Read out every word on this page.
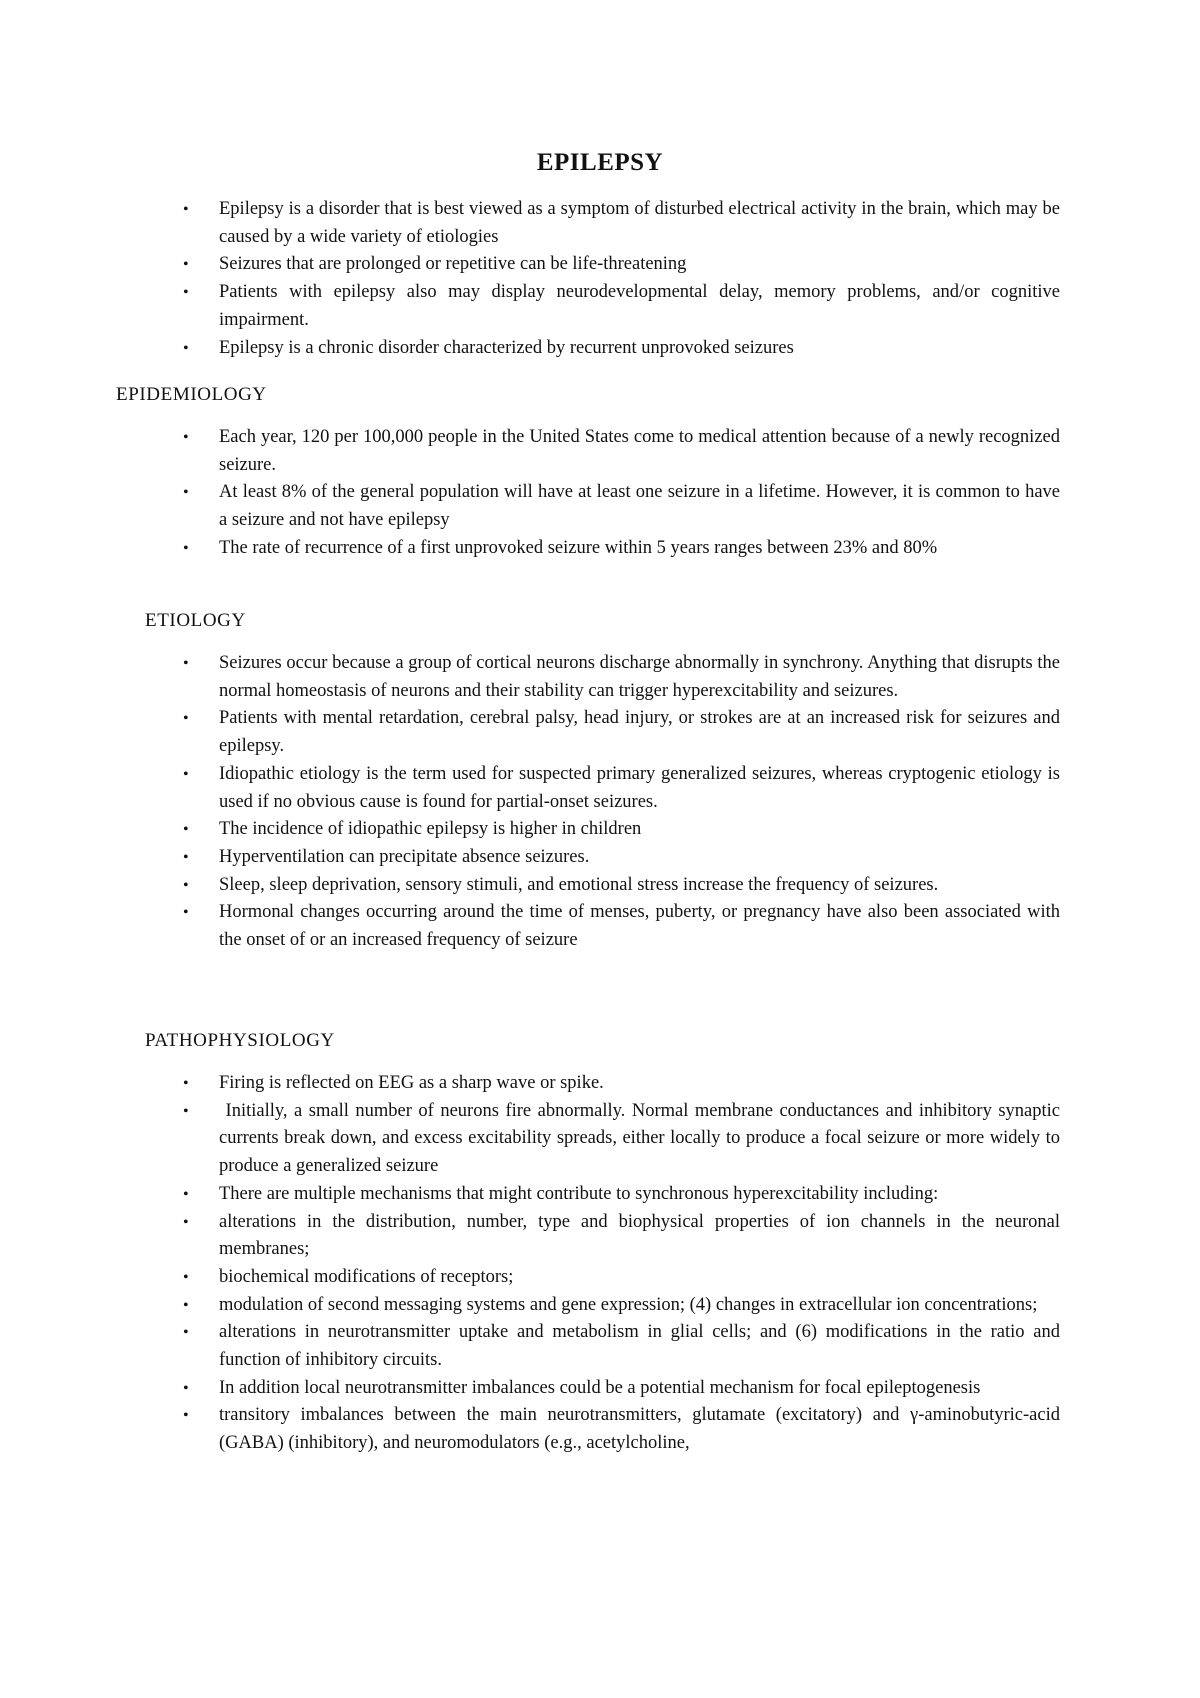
EPILEPSY
• Epilepsy is a disorder that is best viewed as a symptom of disturbed electrical activity in the brain, which may be caused by a wide variety of etiologies
• Seizures that are prolonged or repetitive can be life-threatening
• Patients with epilepsy also may display neurodevelopmental delay, memory problems, and/or cognitive impairment.
• Epilepsy is a chronic disorder characterized by recurrent unprovoked seizures
EPIDEMIOLOGY
• Each year, 120 per 100,000 people in the United States come to medical attention because of a newly recognized seizure.
• At least 8% of the general population will have at least one seizure in a lifetime. However, it is common to have a seizure and not have epilepsy
• The rate of recurrence of a first unprovoked seizure within 5 years ranges between 23% and 80%
ETIOLOGY
• Seizures occur because a group of cortical neurons discharge abnormally in synchrony. Anything that disrupts the normal homeostasis of neurons and their stability can trigger hyperexcitability and seizures.
• Patients with mental retardation, cerebral palsy, head injury, or strokes are at an increased risk for seizures and epilepsy.
• Idiopathic etiology is the term used for suspected primary generalized seizures, whereas cryptogenic etiology is used if no obvious cause is found for partial-onset seizures.
• The incidence of idiopathic epilepsy is higher in children
• Hyperventilation can precipitate absence seizures.
• Sleep, sleep deprivation, sensory stimuli, and emotional stress increase the frequency of seizures.
• Hormonal changes occurring around the time of menses, puberty, or pregnancy have also been associated with the onset of or an increased frequency of seizure
PATHOPHYSIOLOGY
• Firing is reflected on EEG as a sharp wave or spike.
• Initially, a small number of neurons fire abnormally. Normal membrane conductances and inhibitory synaptic currents break down, and excess excitability spreads, either locally to produce a focal seizure or more widely to produce a generalized seizure
• There are multiple mechanisms that might contribute to synchronous hyperexcitability including:
• alterations in the distribution, number, type and biophysical properties of ion channels in the neuronal membranes;
• biochemical modifications of receptors;
• modulation of second messaging systems and gene expression; (4) changes in extracellular ion concentrations;
• alterations in neurotransmitter uptake and metabolism in glial cells; and (6) modifications in the ratio and function of inhibitory circuits.
• In addition local neurotransmitter imbalances could be a potential mechanism for focal epileptogenesis
• transitory imbalances between the main neurotransmitters, glutamate (excitatory) and γ-aminobutyric-acid (GABA) (inhibitory), and neuromodulators (e.g., acetylcholine,
